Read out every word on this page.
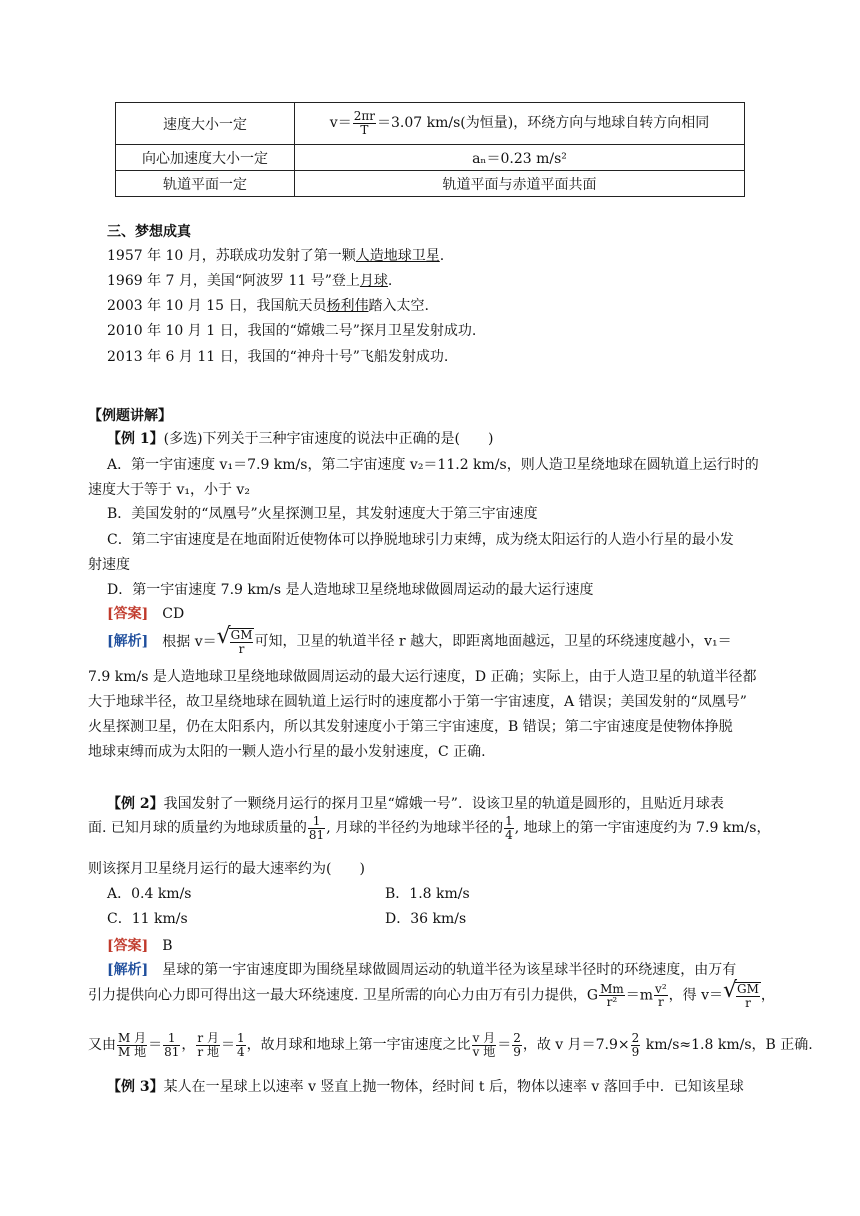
速度大小一定	$v= \frac{2\pi r}{T} =3.07$ km/s(为恒量)，环绕方向与地球自转方向相同
向心加速度大小一定	aₙ＝0.23 m/s²
轨道平面一定	轨道平面与赤道平面共面
三、梦想成真
1957 年 10 月，苏联成功发射了第一颗人造地球卫星.
1969 年 7 月，美国“阿波罗 11 号”登上月球.
2003 年 10 月 15 日，我国航天员杨利伟踏入太空.
2010 年 10 月 1 日，我国的“嫦娥二号”探月卫星发射成功.
2013 年 6 月 11 日，我国的“神舟十号”飞船发射成功.
【例题讲解】
【例 1】(多选)下列关于三种宇宙速度的说法中正确的是(　　)
A．第一宇宙速度 v₁＝7.9 km/s，第二宇宙速度 v₂＝11.2 km/s，则人造卫星绕地球在圆轨道上运行时的
速度大于等于 v₁，小于 v₂
B．美国发射的“凤凰号”火星探测卫星，其发射速度大于第三宇宙速度
C．第二宇宙速度是在地面附近使物体可以挣脱地球引力束缚，成为绕太阳运行的人造小行星的最小发
射速度
D．第一宇宙速度 7.9 km/s 是人造地球卫星绕地球做圆周运动的最大运行速度
[答案] CD
[解析] 根据 v＝ √
$\frac{GM}{r}$ 可知，卫星的轨道半径 r 越大，即距离地面越远，卫星的环绕速度越小，v₁＝
7.9 km/s 是人造地球卫星绕地球做圆周运动的最大运行速度，D 正确；实际上，由于人造卫星的轨道半径都
大于地球半径，故卫星绕地球在圆轨道上运行时的速度都小于第一宇宙速度，A 错误；美国发射的“凤凰号”
火星探测卫星，仍在太阳系内，所以其发射速度小于第三宇宙速度，B 错误；第二宇宙速度是使物体挣脱
地球束缚而成为太阳的一颗人造小行星的最小发射速度，C 正确.
【例 2】我国发射了一颗绕月运行的探月卫星“嫦娥一号”．设该卫星的轨道是圆形的，且贴近月球表
面. 已知月球的质量约为地球质量的 $\frac{1}{81}$ , 月球的半径约为地球半径的 $\frac{1}{4}$ , 地球上的第一宇宙速度约为 7.9 km/s，
则该探月卫星绕月运行的最大速率约为(　　)
A．0.4 km/s	B．1.8 km/s
C．11 km/s	D．36 km/s
[答案] B
[解析] 星球的第一宇宙速度即为围绕星球做圆周运动的轨道半径为该星球半径时的环绕速度，由万有
引力提供向心力即可得出这一最大环绕速度. 卫星所需的向心力由万有引力提供，G $\frac{Mm}{\text{r²}} =m \frac{\text{v²}}{r}$ ，得 v＝ √
$\frac{GM}{r}$ ，
又由 $\frac{\text{M 月}}{\text{M 地}} = \frac{1}{81}$ ， $\frac{\text{r 月}}{\text{r 地}} = \frac{1}{4}$ ，故月球和地球上第一宇宙速度之比 $\frac{\text{v 月}}{\text{v 地}} = \frac{2}{9}$ ，故 v 月$=7.9\times \frac{2}{9} km/s\approx 1.8$ km/s，B 正确.
【例 3】某人在一星球上以速率 v 竖直上抛一物体，经时间 t 后，物体以速率 v 落回手中．已知该星球
